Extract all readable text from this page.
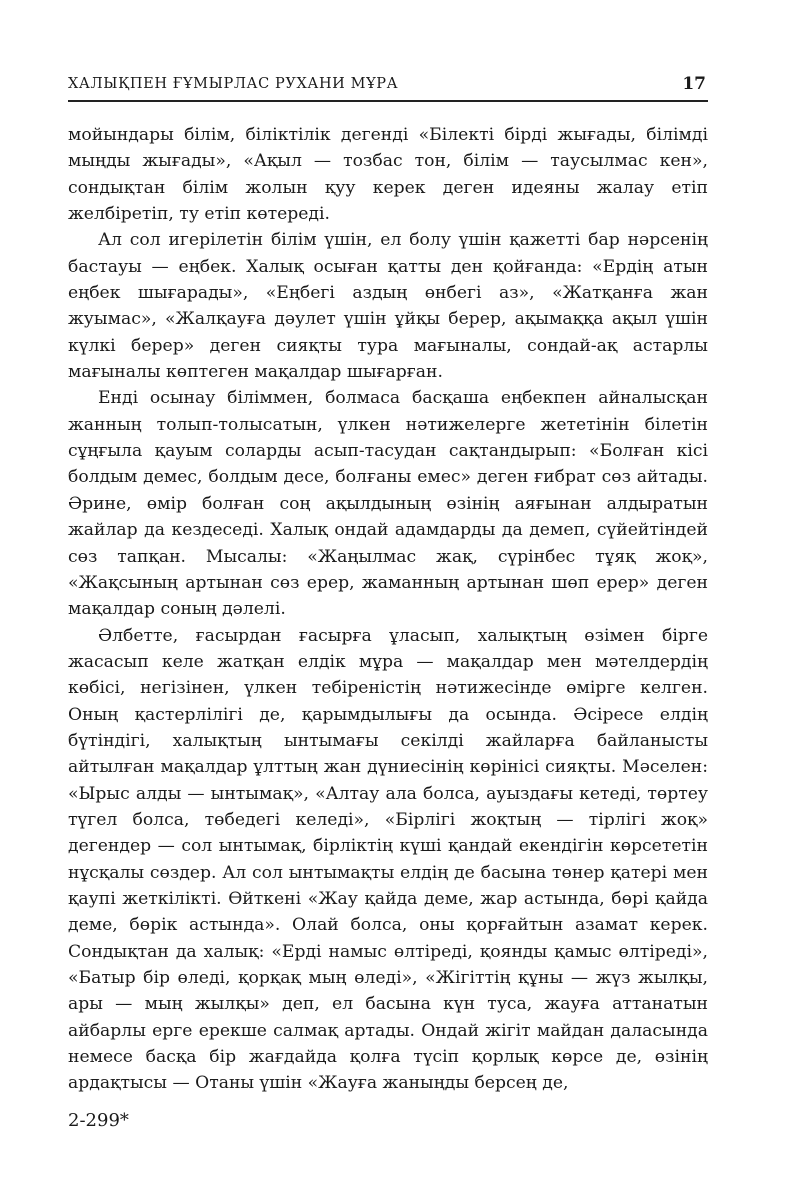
ХАЛЫҚПЕН ҒҰМЫРЛАС РУХАНИ МҰРА	17

мойындары білім, біліктілік дегенді «Білекті бірді жығады, білімді мыңды жығады», «Ақыл — тозбас тон, білім — таусылмас кен», сондықтан білім жолын қуу керек деген идеяны жалау етіп желбіретіп, ту етіп көтереді.

Ал сол игерілетін білім үшін, ел болу үшін қажетті бар нәрсенің бастауы — еңбек. Халық осыған қатты ден қойғанда: «Ердің атын еңбек шығарады», «Еңбегі аздың өнбегі аз», «Жатқанға жан жуымас», «Жалқауға дәулет үшін ұйқы берер, ақымаққа ақыл үшін күлкі берер» деген сияқты тура мағыналы, сондай-ақ астарлы мағыналы көптеген мақалдар шығарған.

Енді осынау біліммен, болмаса басқаша еңбекпен айналысқан жанның толып-толысатын, үлкен нәтижелерге жететінін білетін сұңғыла қауым соларды асып-тасудан сақтандырып: «Болған кісі болдым демес, болдым десе, болғаны емес» деген ғибрат сөз айтады. Әрине, өмір болған соң ақылдының өзінің аяғынан алдыратын жайлар да кездеседі. Халық ондай адамдарды да демеп, сүйейтіндей сөз тапқан. Мысалы: «Жаңылмас жақ, сүрінбес тұяқ жоқ», «Жақсының артынан сөз ерер, жаманның артынан шөп ерер» деген мақалдар соның дәлелі.

Әлбетте, ғасырдан ғасырға ұласып, халықтың өзімен бірге жасасып келе жатқан елдік мұра — мақалдар мен мәтелдердің көбісі, негізінен, үлкен тебіреністің нәтижесінде өмірге келген. Оның қастерлілігі де, қарымдылығы да осында. Әсіресе елдің бүтіндігі, халықтың ынтымағы секілді жайларға байланысты айтылған мақалдар ұлттың жан дүниесінің көрінісі сияқты. Мәселен: «Ырыс алды — ынтымақ», «Алтау ала болса, ауыздағы кетеді, төртеу түгел болса, төбедегі келеді», «Бірлігі жоқтың — тірлігі жоқ» дегендер — сол ынтымақ, бірліктің күші қандай екендігін көрсететін нұсқалы сөздер. Ал сол ынтымақты елдің де басына төнер қатері мен қаупі жеткілікті. Өйткені «Жау қайда деме, жар астында, бөрі қайда деме, бөрік астында». Олай болса, оны қорғайтын азамат керек. Сондықтан да халық: «Ерді намыс өлтіреді, қоянды қамыс өлтіреді», «Батыр бір өледі, қорқақ мың өледі», «Жігіттің құны — жүз жылқы, ары — мың жылқы» деп, ел басына күн туса, жауға аттанатын айбарлы ерге ерекше салмақ артады. Ондай жігіт майдан даласында немесе басқа бір жағдайда қолға түсіп қорлық көрсе де, өзінің ардақтысы — Отаны үшін «Жауға жаныңды берсең де,

2-299*
